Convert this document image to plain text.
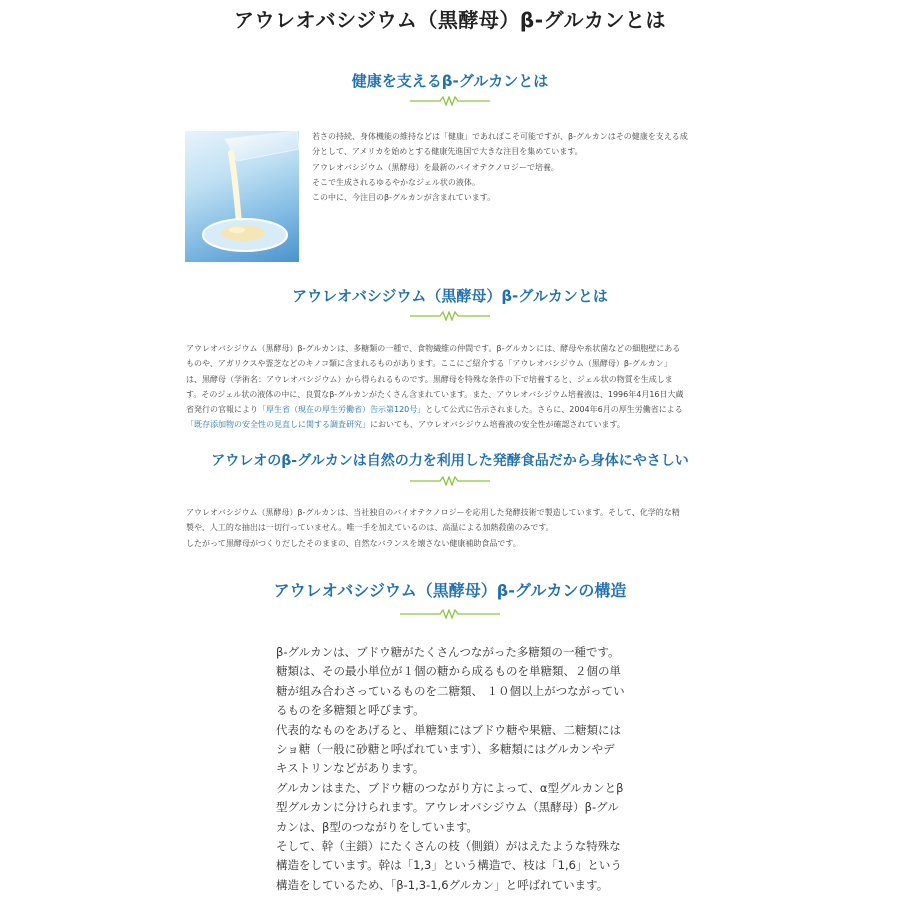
アウレオバシジウム（黒酵母）β-グルカンとは
健康を支えるβ-グルカンとは

若さの持続、身体機能の維持などは「健康」であればこそ可能ですが、β-グルカンはその健康を支える成

分として、アメリカを始めとする健康先進国で大きな注目を集めています。

アウレオバシジウム（黒酵母）を最新のバイオテクノロジーで培養。

そこで生成されるゆるやかなジェル状の液体。

この中に、今注目のβ-グルカンが含まれています。

アウレオバシジウム（黒酵母）β-グルカンとは

アウレオバシジウム（黒酵母）β-グルカンは、多糖類の一種で、食物繊維の仲間です。β-グルカンには、酵母や糸状菌などの細胞壁にある

ものや、アガリクスや霊芝などのキノコ類に含まれるものがあります。ここにご紹介する「アウレオバシジウム（黒酵母）β-グルカン」

は、黒酵母（学術名：アウレオバシジウム）から得られるものです。黒酵母を特殊な条件の下で培養すると、ジェル状の物質を生成しま

す。そのジェル状の液体の中に、良質なβ-グルカンがたくさん含まれています。また、アウレオバシジウム培養液は、1996年4月16日大蔵

省発行の官報により「厚生省（現在の厚生労働省）告示第120号」として公式に告示されました。さらに、2004年6月の厚生労働省による

「既存添加物の安全性の見直しに関する調査研究」においても、アウレオバシジウム培養液の安全性が確認されています。

アウレオのβ-グルカンは自然の力を利用した発酵食品だから身体にやさしい

アウレオバシジウム（黒酵母）β-グルカンは、当社独自のバイオテクノロジーを応用した発酵技術で製造しています。そして、化学的な精

製や、人工的な抽出は一切行っていません。唯一手を加えているのは、高温による加熱殺菌のみです。

したがって黒酵母がつくりだしたそのままの、自然なバランスを壊さない健康補助食品です。

アウレオバシジウム（黒酵母）β-グルカンの構造

β-グルカンは、ブドウ糖がたくさんつながった多糖類の一種です。

糖類は、その最小単位が１個の糖から成るものを単糖類、２個の単

糖が組み合わさっているものを二糖類、 １０個以上がつながってい

るものを多糖類と呼びます。

代表的なものをあげると、単糖類にはブドウ糖や果糖、二糖類には

ショ糖（一般に砂糖と呼ばれています）、多糖類にはグルカンやデ

キストリンなどがあります。

グルカンはまた、ブドウ糖のつながり方によって、α型グルカンとβ

型グルカンに分けられます。アウレオバシジウム（黒酵母）β-グル

カンは、β型のつながりをしています。

そして、幹（主鎖）にたくさんの枝（側鎖）がはえたような特殊な

構造をしています。幹は「1,3」という構造で、枝は「1,6」という

構造をしているため、「β-1,3-1,6グルカン」と呼ばれています。
